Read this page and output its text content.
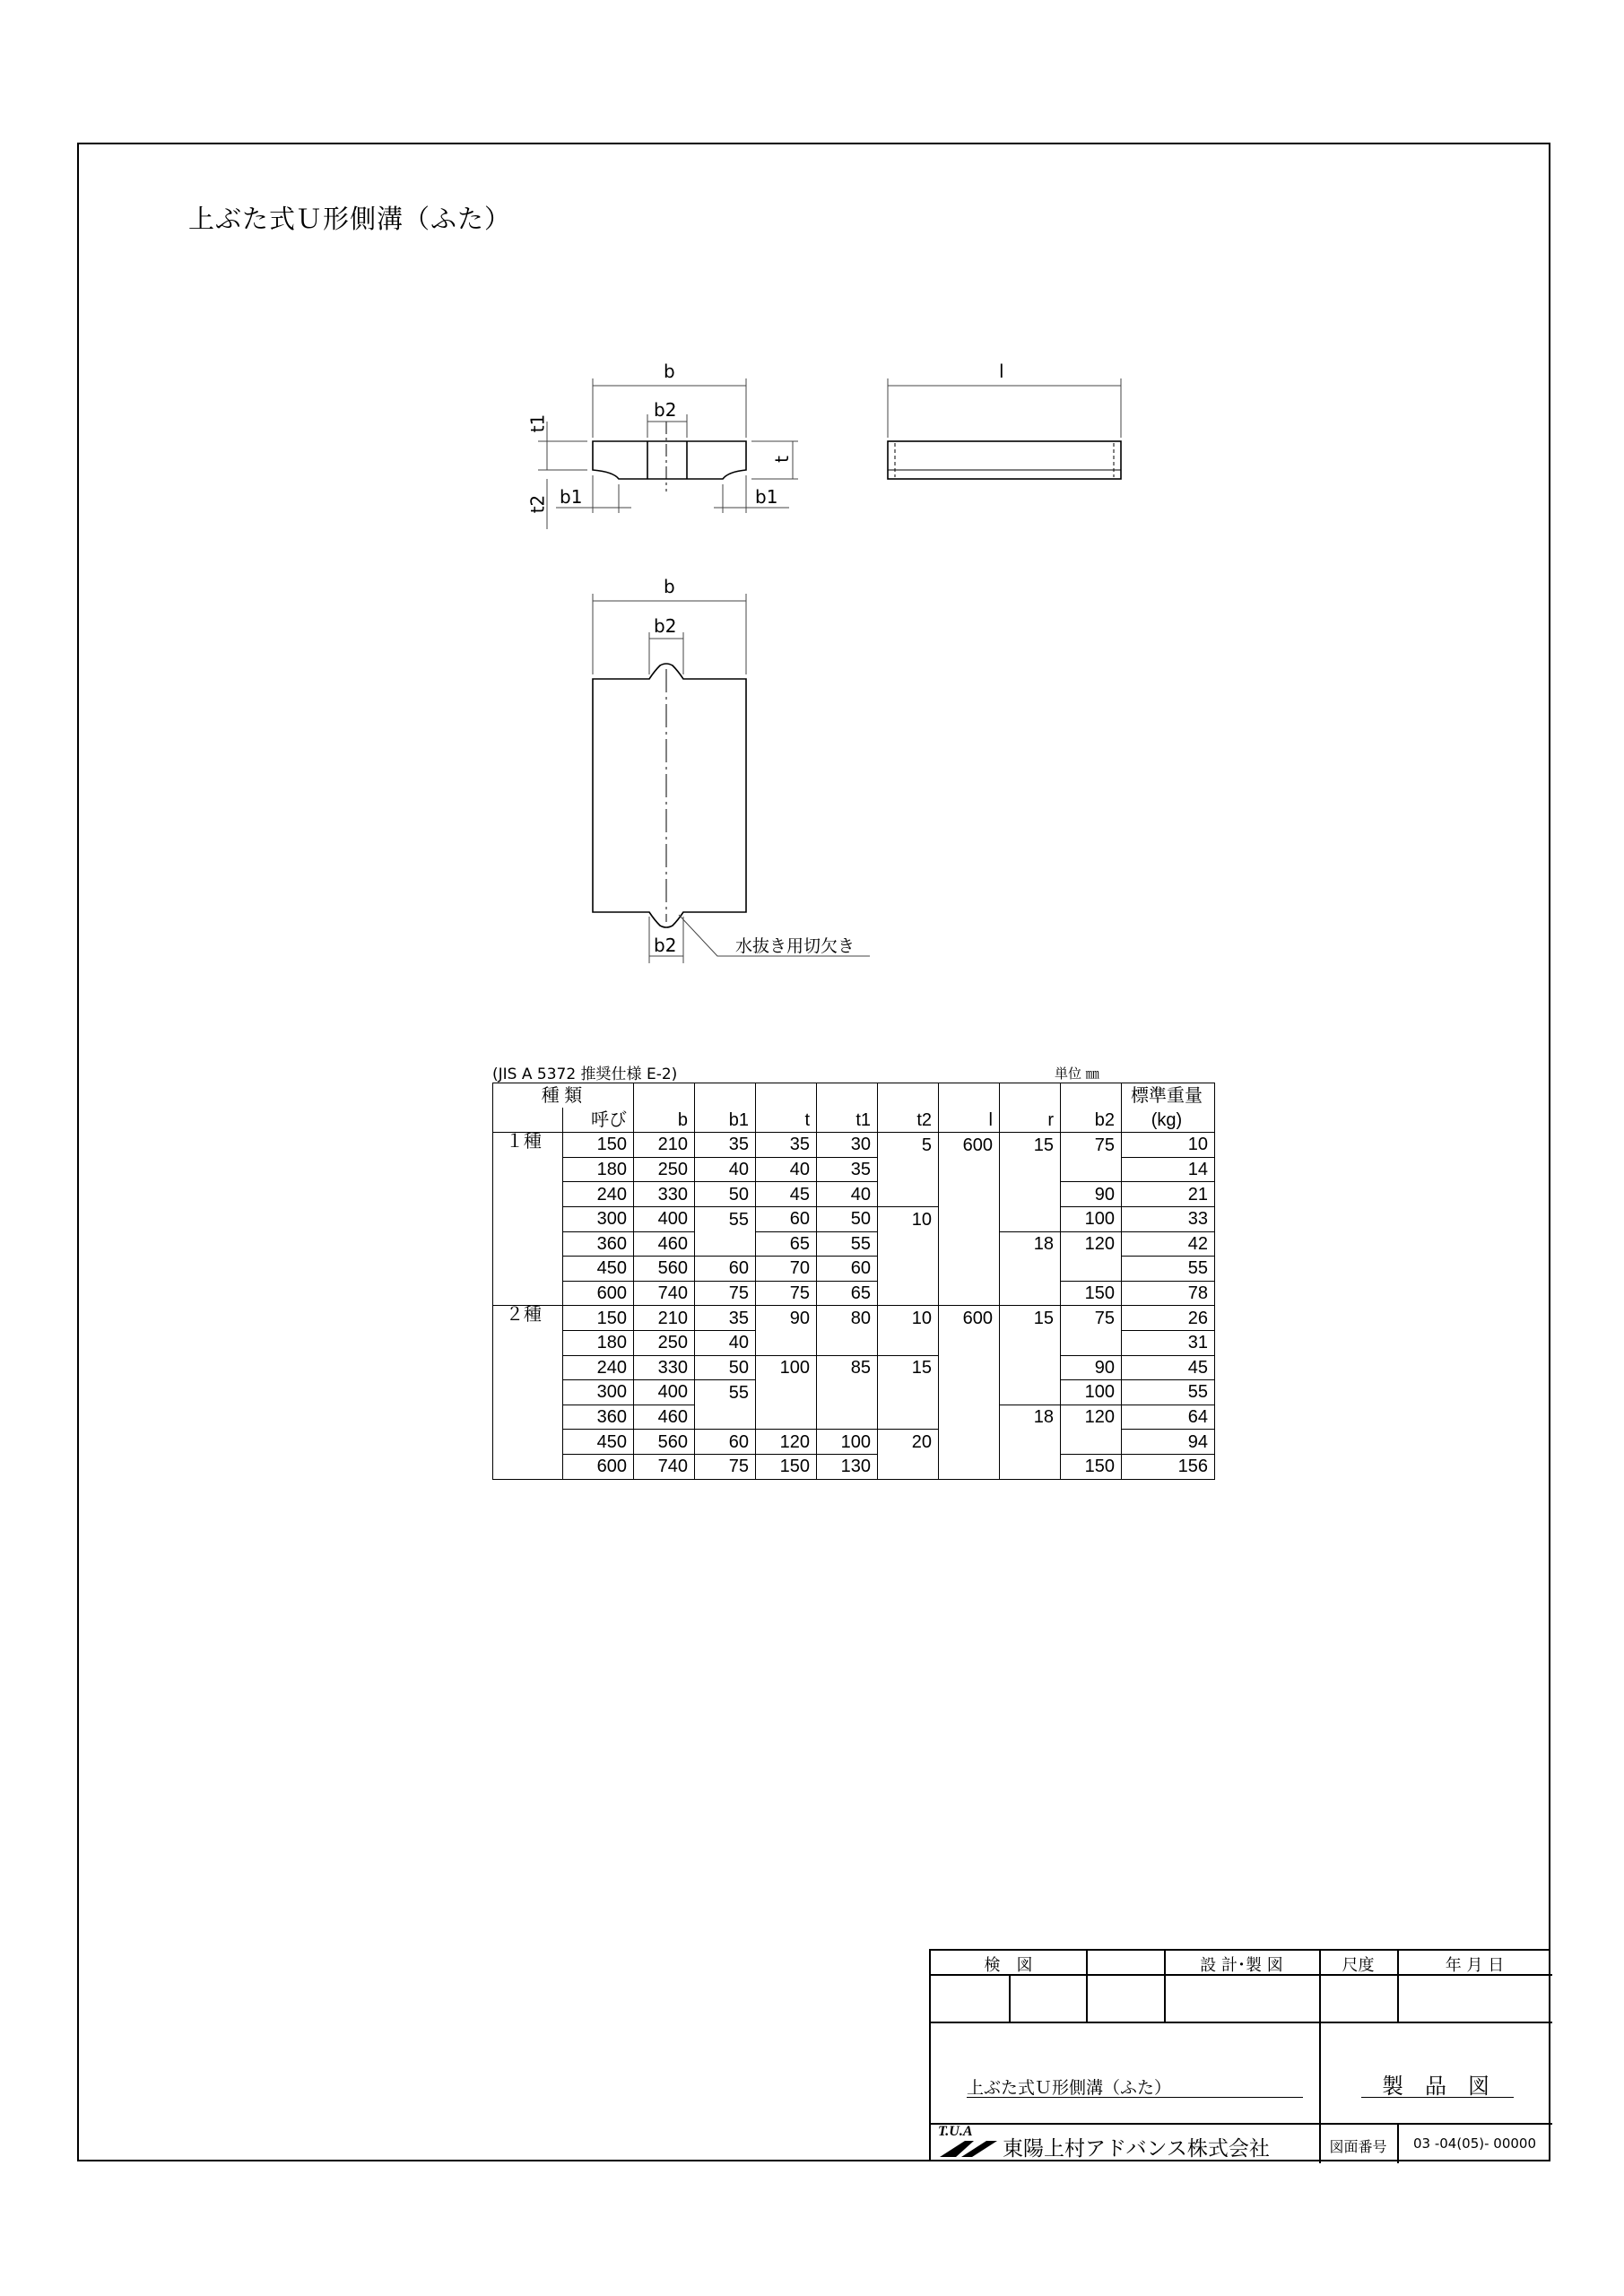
上ぶた式Ｕ形側溝（ふた）
b
b2
t1
t
t2 b1	b1
l
b
b2
b2	水抜き用切欠き
(JIS A 5372 推奨仕様 E-2)	単位 ㎜
種 類										標準重量
	呼び	b	b1	t	t1	t2	l	r	b2	(kg)
１種	150	210	35	35	30	5	600	15	75	10
	180	250	40	40	35					14
	240	330	50	45	40				90	21
	300	400	55	60	50	10			100	33
	360	460		65	55			18	120	42
	450	560	60	70	60					55
	600	740	75	75	65				150	78
２種	150	210	35	90	80	10	600	15	75	26
	180	250	40							31
	240	330	50	100	85	15			90	45
	300	400	55						100	55
	360	460						18	120	64
	450	560	60	120	100	20				94
	600	740	75	150	130				150	156
検　図	設 計･製 図	尺度	年 月 日
上ぶた式Ｕ形側溝（ふた）	製　品　図
T.U.A
東陽上村アドバンス株式会社	図面番号	03 -04(05)- 00000
